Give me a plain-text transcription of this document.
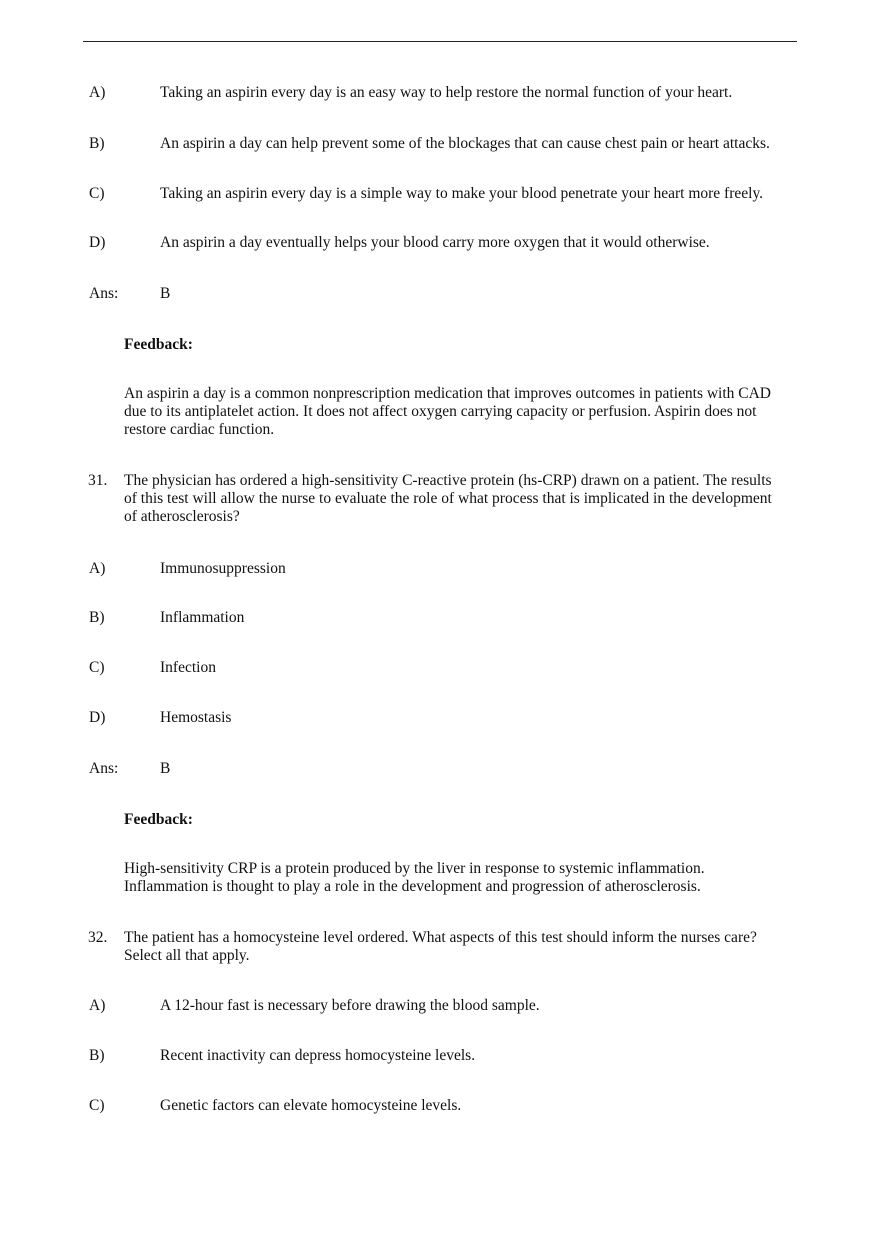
A)	Taking an aspirin every day is an easy way to help restore the normal function of your heart.
B)	An aspirin a day can help prevent some of the blockages that can cause chest pain or heart attacks.
C)	Taking an aspirin every day is a simple way to make your blood penetrate your heart more freely.
D)	An aspirin a day eventually helps your blood carry more oxygen that it would otherwise.
Ans:	B
Feedback:
An aspirin a day is a common nonprescription medication that improves outcomes in patients with CAD
due to its antiplatelet action. It does not affect oxygen carrying capacity or perfusion. Aspirin does not
restore cardiac function.
31. The physician has ordered a high-sensitivity C-reactive protein (hs-CRP) drawn on a patient. The results
of this test will allow the nurse to evaluate the role of what process that is implicated in the development
of atherosclerosis?
A)	Immunosuppression
B)	Inflammation
C)	Infection
D)	Hemostasis
Ans:	B
Feedback:
High-sensitivity CRP is a protein produced by the liver in response to systemic inflammation.
Inflammation is thought to play a role in the development and progression of atherosclerosis.
32. The patient has a homocysteine level ordered. What aspects of this test should inform the nurses care?
Select all that apply.
A)	A 12-hour fast is necessary before drawing the blood sample.
B)	Recent inactivity can depress homocysteine levels.
C)	Genetic factors can elevate homocysteine levels.
